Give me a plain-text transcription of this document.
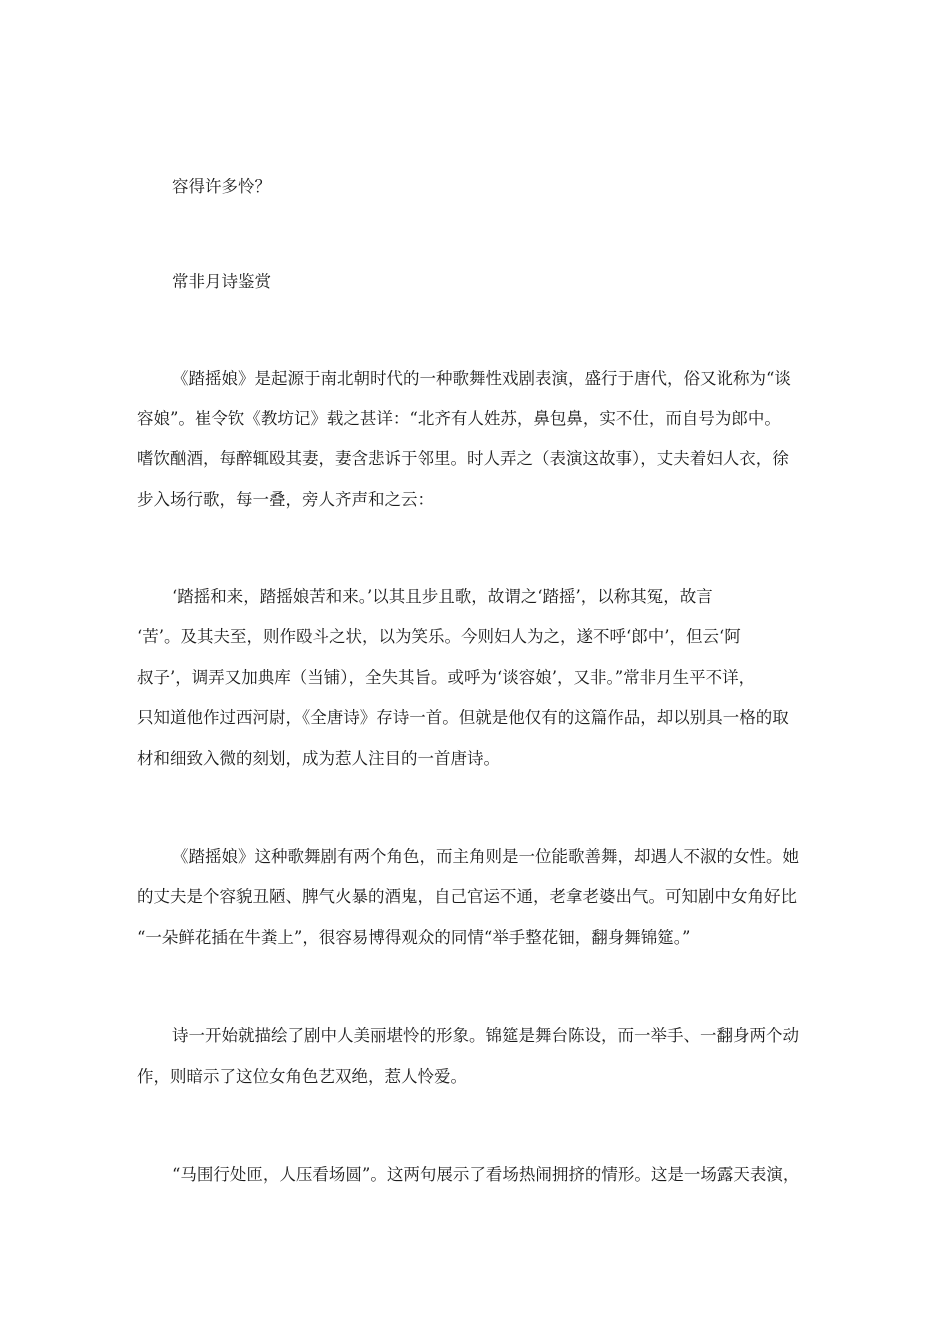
容得许多怜？
常非月诗鉴赏
《踏摇娘》是起源于南北朝时代的一种歌舞性戏剧表演，盛行于唐代，俗又讹称为“谈
容娘”。崔令钦《教坊记》载之甚详：“北齐有人姓苏，鼻包鼻，实不仕，而自号为郎中。
嗜饮酗酒，每醉辄殴其妻，妻含悲诉于邻里。时人弄之（表演这故事），丈夫着妇人衣，徐
步入场行歌，每一叠，旁人齐声和之云：
‘踏摇和来，踏摇娘苦和来。’以其且步且歌，故谓之‘踏摇’，以称其冤，故言
‘苦’。及其夫至，则作殴斗之状，以为笑乐。今则妇人为之，遂不呼‘郎中’，但云‘阿
叔子’，调弄又加典库（当铺），全失其旨。或呼为‘谈容娘’，又非。”常非月生平不详，
只知道他作过西河尉，《全唐诗》存诗一首。但就是他仅有的这篇作品，却以别具一格的取
材和细致入微的刻划，成为惹人注目的一首唐诗。
《踏摇娘》这种歌舞剧有两个角色，而主角则是一位能歌善舞，却遇人不淑的女性。她
的丈夫是个容貌丑陋、脾气火暴的酒鬼，自己官运不通，老拿老婆出气。可知剧中女角好比
“一朵鲜花插在牛粪上”，很容易博得观众的同情“举手整花钿，翻身舞锦筵。”
诗一开始就描绘了剧中人美丽堪怜的形象。锦筵是舞台陈设，而一举手、一翻身两个动
作，则暗示了这位女角色艺双绝，惹人怜爱。
“马围行处匝，人压看场圆”。这两句展示了看场热闹拥挤的情形。这是一场露天表演，
